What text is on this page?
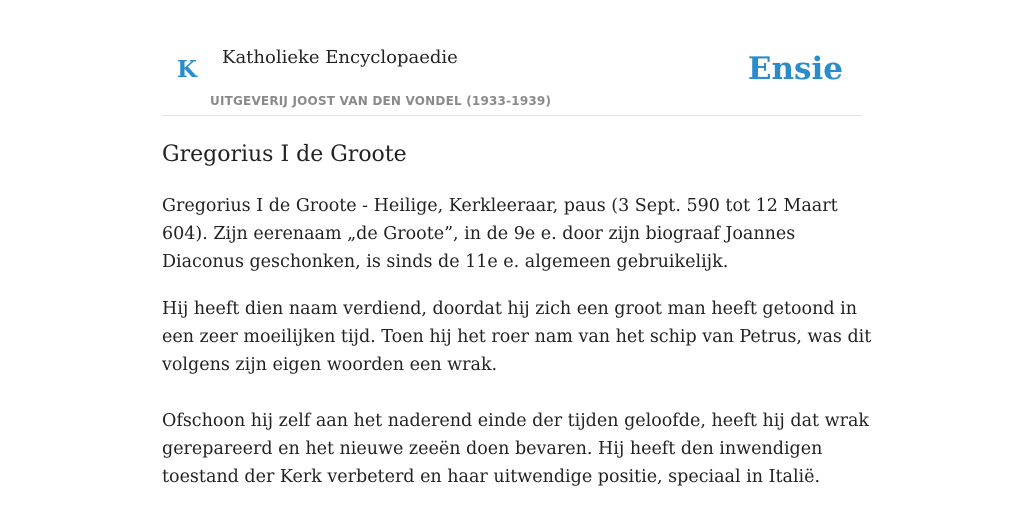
K Katholieke Encyclopaedie
UITGEVERIJ JOOST VAN DEN VONDEL (1933-1939)
Ensie
Gregorius I de Groote

Gregorius I de Groote - Heilige, Kerkleeraar, paus (3 Sept. 590 tot 12 Maart 604). Zijn eerenaam „de Groote”, in de 9e e. door zijn biograaf Joannes Diaconus geschonken, is sinds de 11e e. algemeen gebruikelijk.

Hij heeft dien naam verdiend, doordat hij zich een groot man heeft getoond in een zeer moeilijken tijd. Toen hij het roer nam van het schip van Petrus, was dit volgens zijn eigen woorden een wrak.

Ofschoon hij zelf aan het naderend einde der tijden geloofde, heeft hij dat wrak gerepareerd en het nieuwe zeeën doen bevaren. Hij heeft den inwendigen toestand der Kerk verbeterd en haar uitwendige positie, speciaal in Italië.
